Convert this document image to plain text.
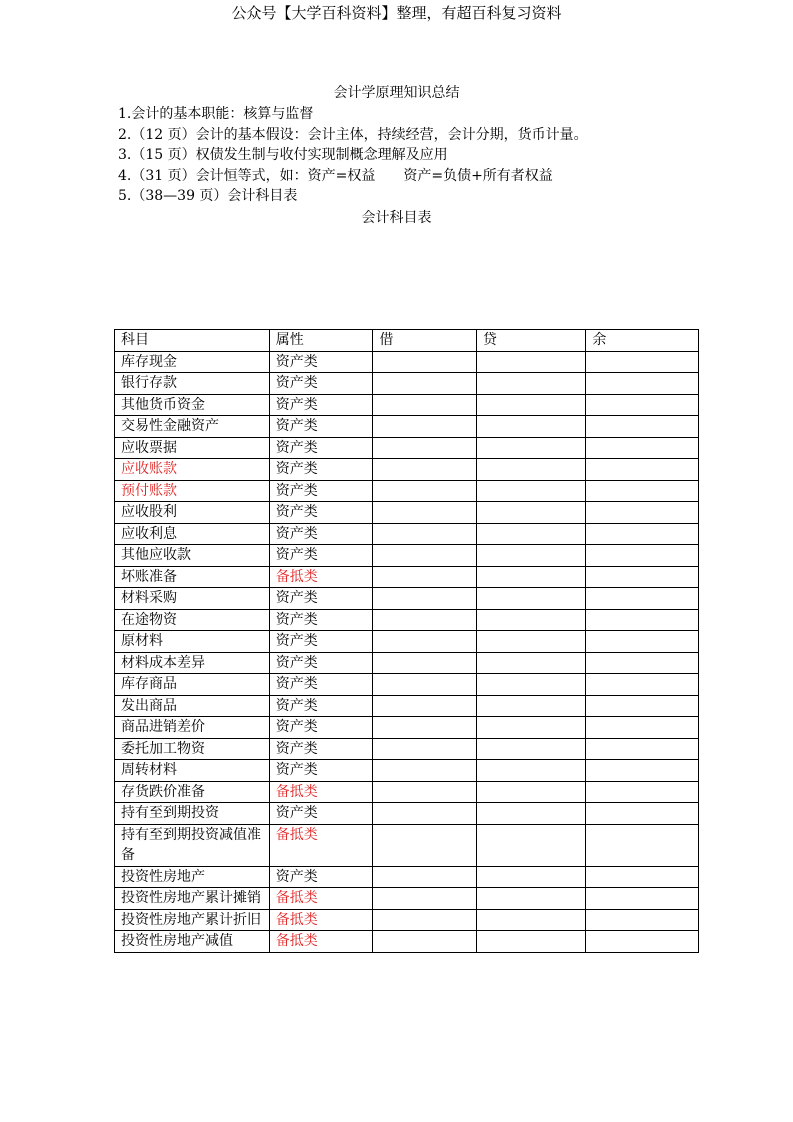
公众号【大学百科资料】整理，有超百科复习资料
会计学原理知识总结
1.会计的基本职能：核算与监督
2.（12 页）会计的基本假设：会计主体，持续经营，会计分期，货币计量。
3.（15 页）权债发生制与收付实现制概念理解及应用
4.（31 页）会计恒等式，如：资产=权益　　资产=负债+所有者权益
5.（38—39 页）会计科目表
会计科目表
科目	属性	借	贷	余
库存现金	资产类			
银行存款	资产类			
其他货币资金	资产类			
交易性金融资产	资产类			
应收票据	资产类			
应收账款	资产类			
预付账款	资产类			
应收股利	资产类			
应收利息	资产类			
其他应收款	资产类			
坏账准备	备抵类			
材料采购	资产类			
在途物资	资产类			
原材料	资产类			
材料成本差异	资产类			
库存商品	资产类			
发出商品	资产类			
商品进销差价	资产类			
委托加工物资	资产类			
周转材料	资产类			
存货跌价准备	备抵类			
持有至到期投资	资产类			
持有至到期投资减值准备	备抵类			
投资性房地产	资产类			
投资性房地产累计摊销	备抵类			
投资性房地产累计折旧	备抵类			
投资性房地产减值	备抵类			
